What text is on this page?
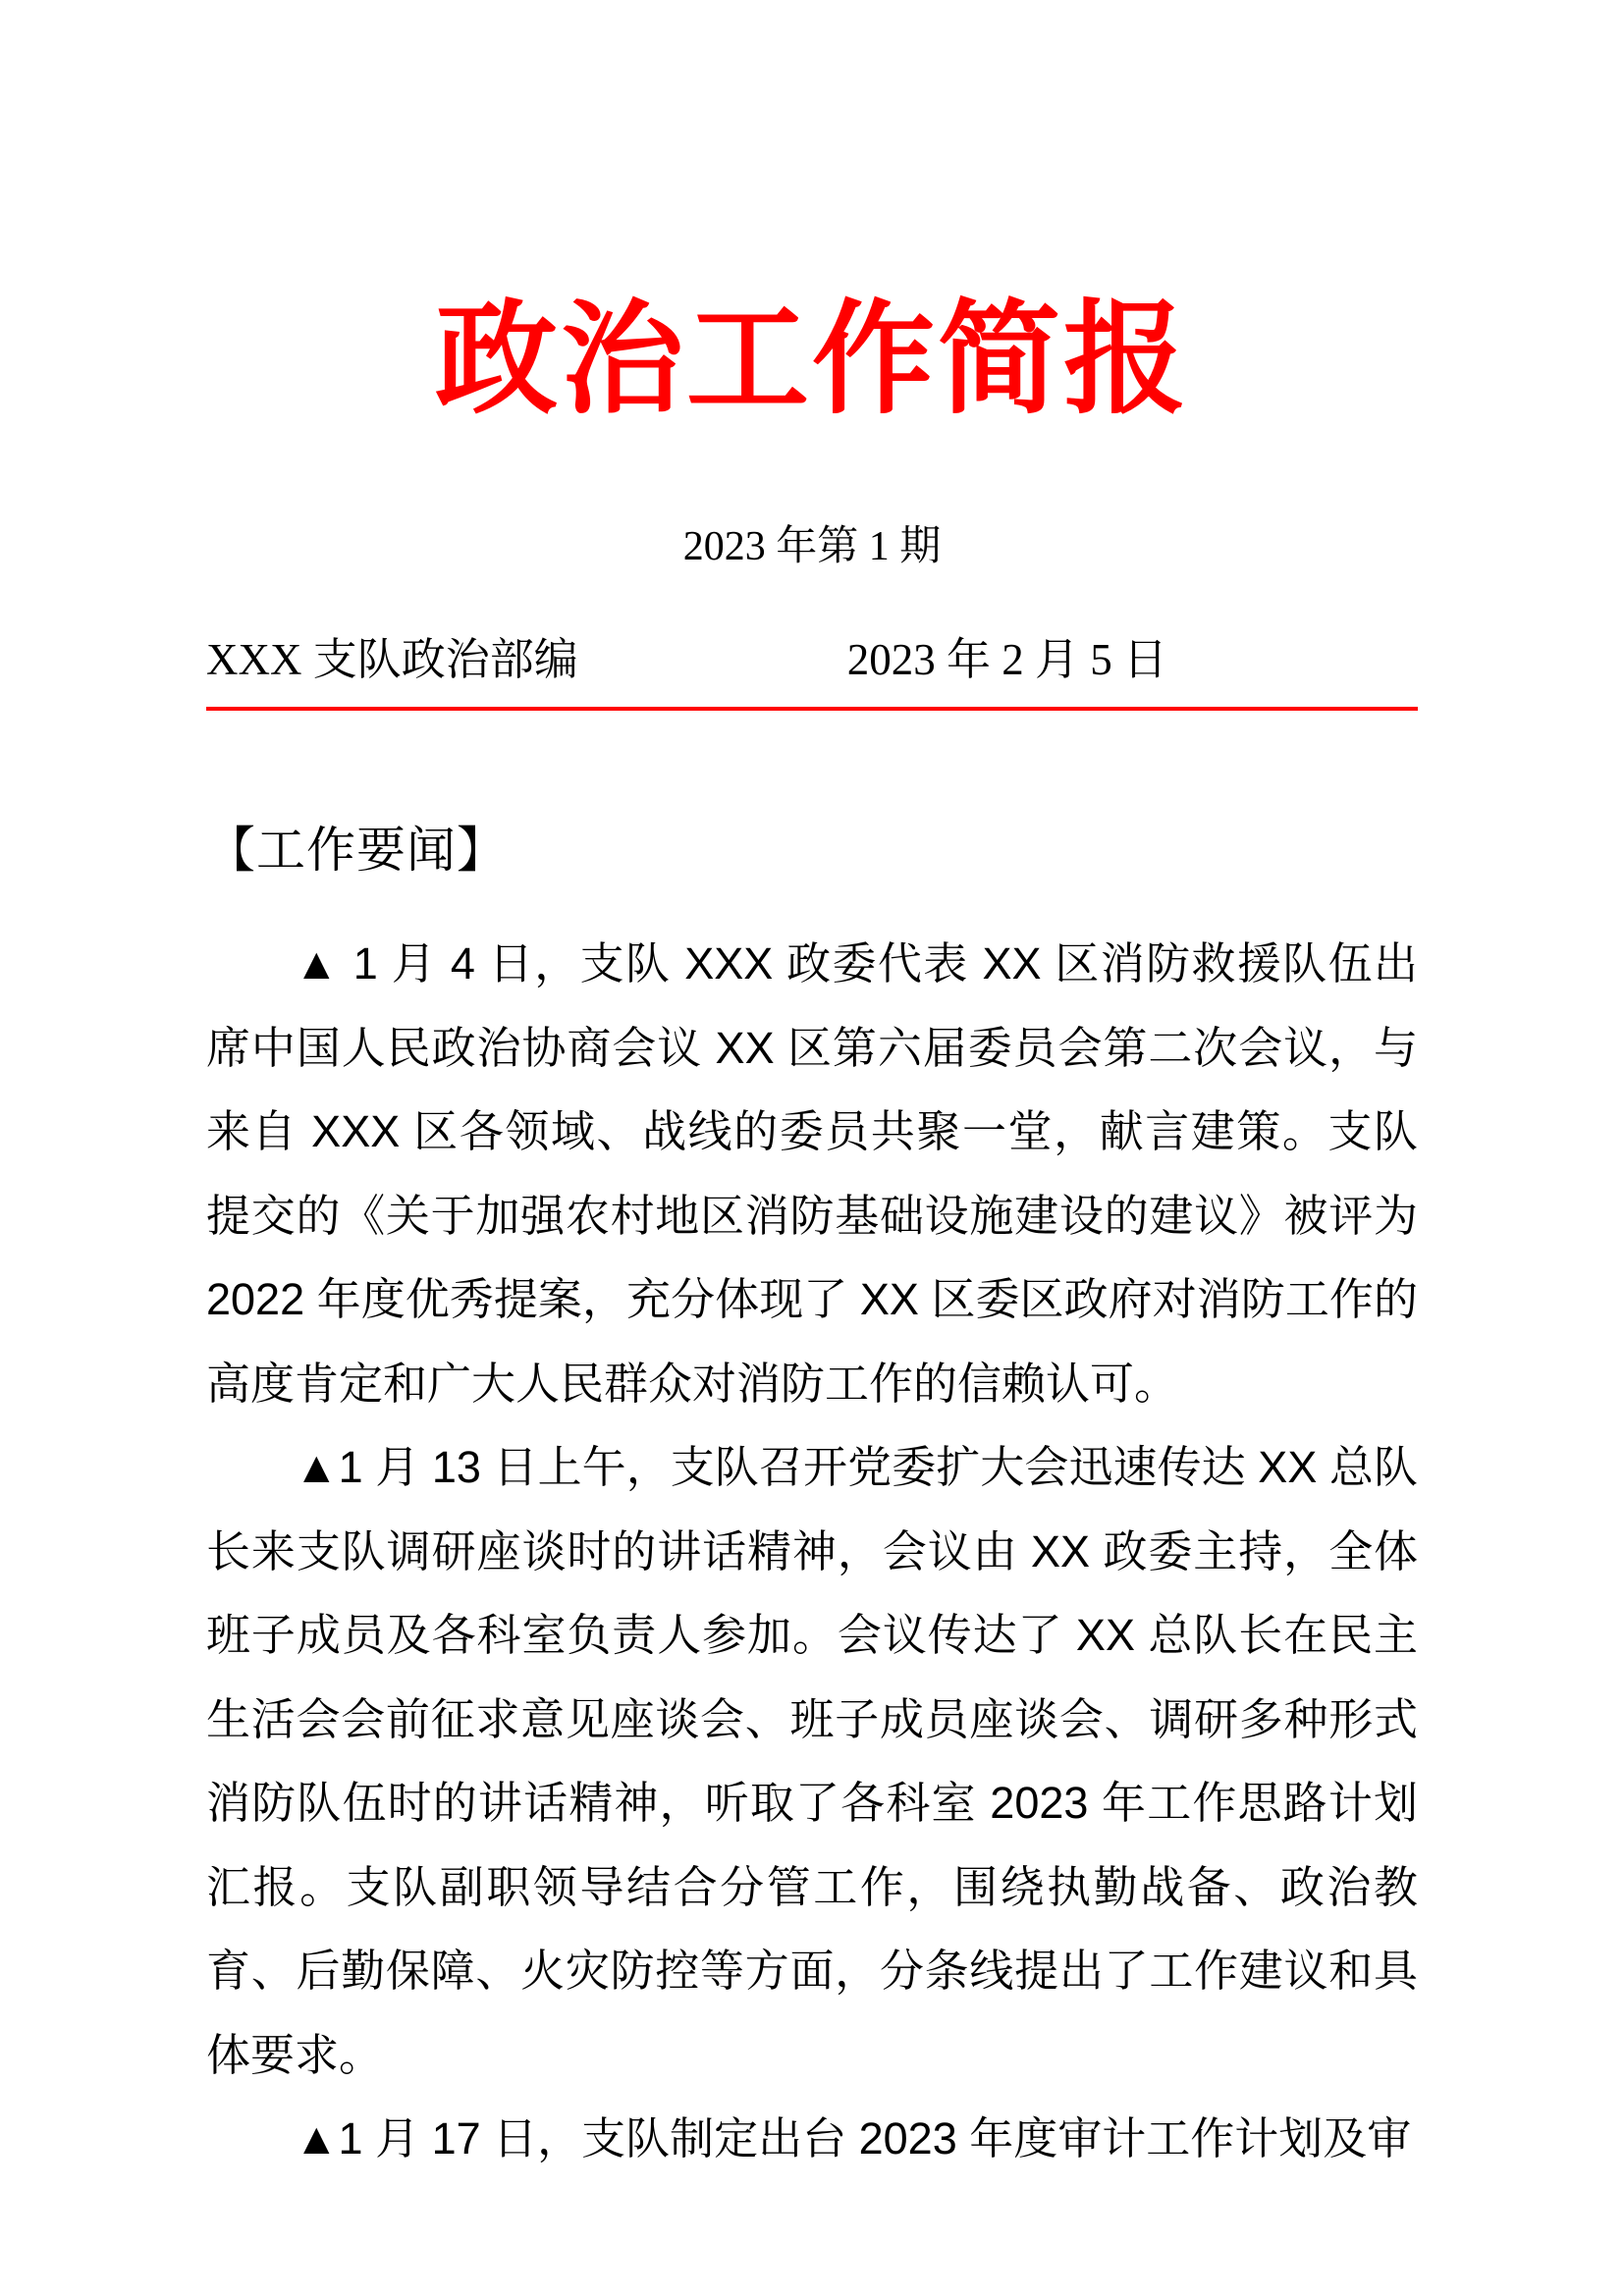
政治工作简报
2023 年第 1 期
XXX 支队政治部编	2023 年 2 月 5 日
【工作要闻】

▲ 1 月 4 日，支队 XXX 政委代表 XX 区消防救援队伍出席中国人民政治协商会议 XX 区第六届委员会第二次会议，与来自 XXX 区各领域、战线的委员共聚一堂，献言建策。支队提交的《关于加强农村地区消防基础设施建设的建议》被评为 2022 年度优秀提案，充分体现了 XX 区委区政府对消防工作的高度肯定和广大人民群众对消防工作的信赖认可。

▲1 月 13 日上午，支队召开党委扩大会迅速传达 XX 总队长来支队调研座谈时的讲话精神，会议由 XX 政委主持，全体班子成员及各科室负责人参加。会议传达了 XX 总队长在民主生活会会前征求意见座谈会、班子成员座谈会、调研多种形式消防队伍时的讲话精神，听取了各科室 2023 年工作思路计划汇报。支队副职领导结合分管工作，围绕执勤战备、政治教育、后勤保障、火灾防控等方面，分条线提出了工作建议和具体要求。

▲1 月 17 日，支队制定出台 2023 年度审计工作计划及审
